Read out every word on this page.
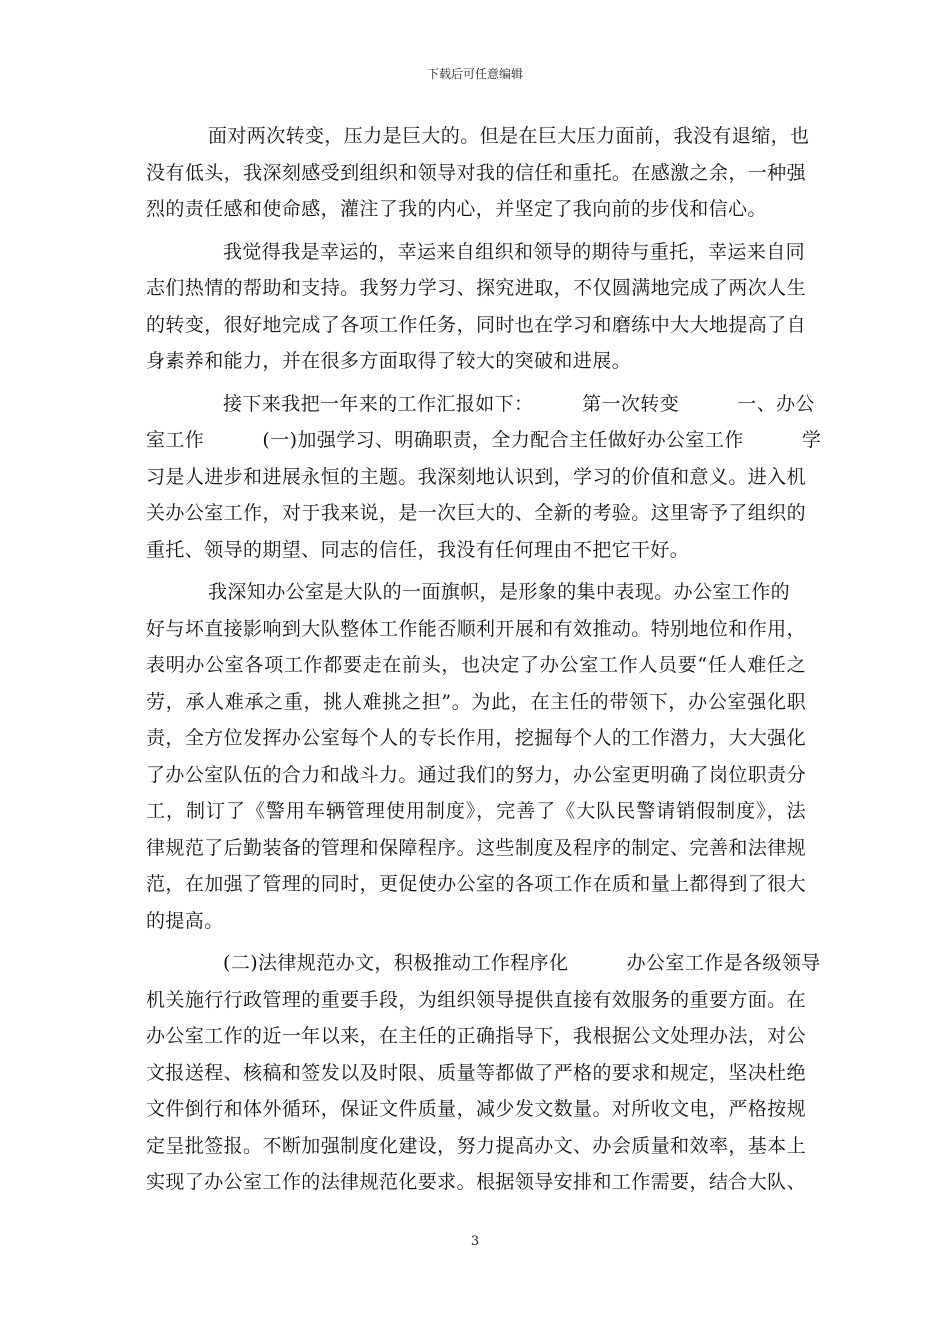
下载后可任意编辑
面对两次转变，压力是巨大的。但是在巨大压力面前，我没有退缩，也
没有低头，我深刻感受到组织和领导对我的信任和重托。在感激之余，一种强
烈的责任感和使命感，灌注了我的内心，并坚定了我向前的步伐和信心。
我觉得我是幸运的，幸运来自组织和领导的期待与重托，幸运来自同
志们热情的帮助和支持。我努力学习、探究进取，不仅圆满地完成了两次人生
的转变，很好地完成了各项工作任务，同时也在学习和磨练中大大地提高了自
身素养和能力，并在很多方面取得了较大的突破和进展。
接下来我把一年来的工作汇报如下：　　　第一次转变　　　一、办公
室工作　　　(一)加强学习、明确职责，全力配合主任做好办公室工作　　　学
习是人进步和进展永恒的主题。我深刻地认识到，学习的价值和意义。进入机
关办公室工作，对于我来说，是一次巨大的、全新的考验。这里寄予了组织的
重托、领导的期望、同志的信任，我没有任何理由不把它干好。
我深知办公室是大队的一面旗帜，是形象的集中表现。办公室工作的
好与坏直接影响到大队整体工作能否顺利开展和有效推动。特别地位和作用，
表明办公室各项工作都要走在前头，也决定了办公室工作人员要“任人难任之
劳，承人难承之重，挑人难挑之担”。为此，在主任的带领下，办公室强化职
责，全方位发挥办公室每个人的专长作用，挖掘每个人的工作潜力，大大强化
了办公室队伍的合力和战斗力。通过我们的努力，办公室更明确了岗位职责分
工，制订了《警用车辆管理使用制度》，完善了《大队民警请销假制度》，法
律规范了后勤装备的管理和保障程序。这些制度及程序的制定、完善和法律规
范，在加强了管理的同时，更促使办公室的各项工作在质和量上都得到了很大
的提高。
(二)法律规范办文，积极推动工作程序化　　　办公室工作是各级领导
机关施行行政管理的重要手段，为组织领导提供直接有效服务的重要方面。在
办公室工作的近一年以来，在主任的正确指导下，我根据公文处理办法，对公
文报送程、核稿和签发以及时限、质量等都做了严格的要求和规定，坚决杜绝
文件倒行和体外循环，保证文件质量，减少发文数量。对所收文电，严格按规
定呈批签报。不断加强制度化建设，努力提高办文、办会质量和效率，基本上
实现了办公室工作的法律规范化要求。根据领导安排和工作需要，结合大队、
3
